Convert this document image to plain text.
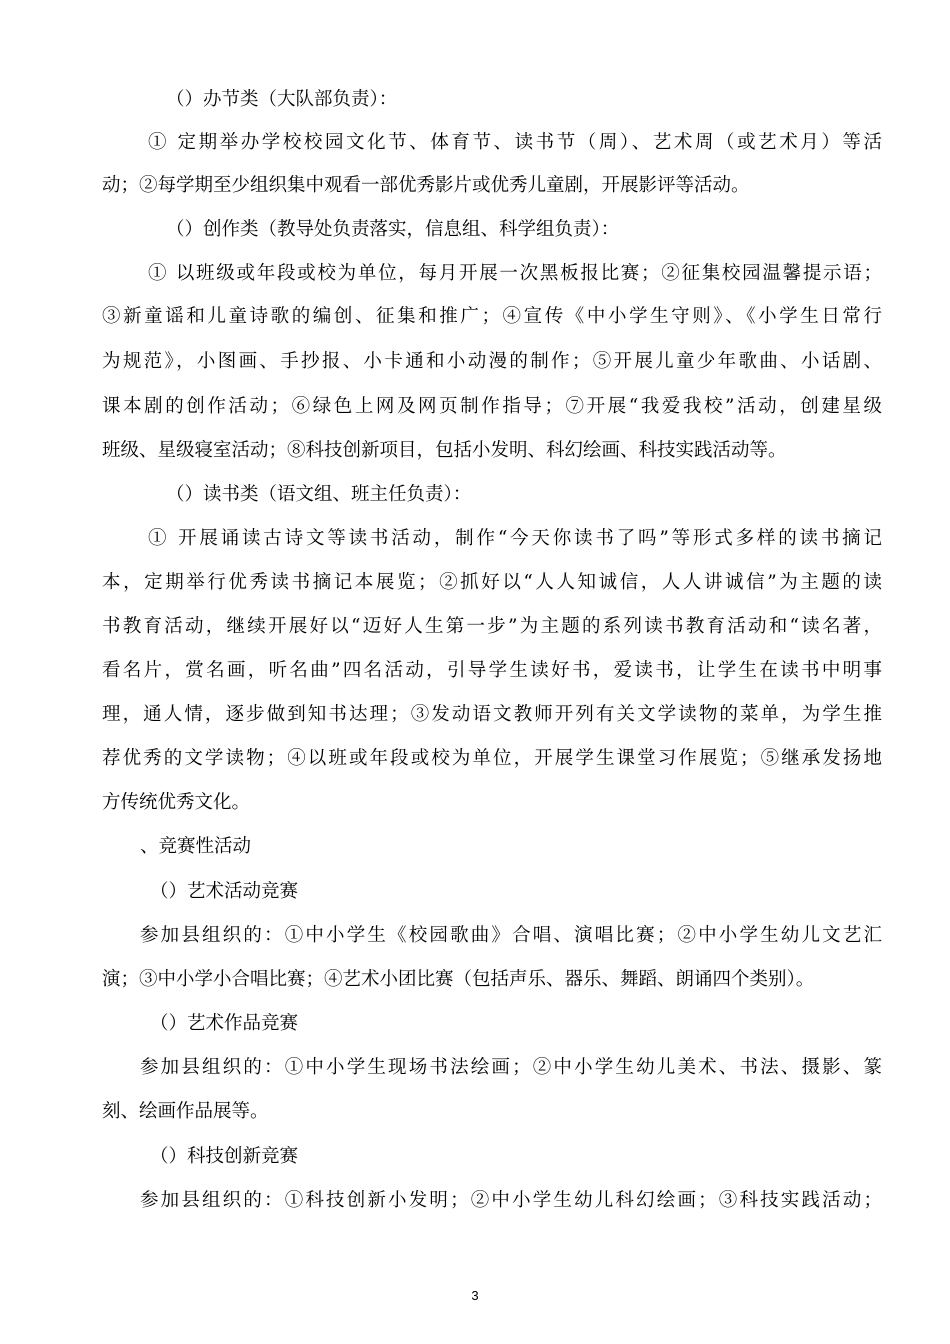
（）办节类（大队部负责）：
① 定期举办学校校园文化节、体育节、读书节（周）、艺术周（或艺术月）等活
动；②每学期至少组织集中观看一部优秀影片或优秀儿童剧，开展影评等活动。
（）创作类（教导处负责落实，信息组、科学组负责）：
① 以班级或年段或校为单位，每月开展一次黑板报比赛；②征集校园温馨提示语；
③新童谣和儿童诗歌的编创、征集和推广；④宣传《中小学生守则》、《小学生日常行
为规范》，小图画、手抄报、小卡通和小动漫的制作；⑤开展儿童少年歌曲、小话剧、
课本剧的创作活动；⑥绿色上网及网页制作指导；⑦开展“我爱我校”活动，创建星级
班级、星级寝室活动；⑧科技创新项目，包括小发明、科幻绘画、科技实践活动等。
（）读书类（语文组、班主任负责）：
① 开展诵读古诗文等读书活动，制作“今天你读书了吗”等形式多样的读书摘记
本，定期举行优秀读书摘记本展览；②抓好以“人人知诚信，人人讲诚信”为主题的读
书教育活动，继续开展好以“迈好人生第一步”为主题的系列读书教育活动和“读名著，
看名片，赏名画，听名曲”四名活动，引导学生读好书，爱读书，让学生在读书中明事
理，通人情，逐步做到知书达理；③发动语文教师开列有关文学读物的菜单，为学生推
荐优秀的文学读物；④以班或年段或校为单位，开展学生课堂习作展览；⑤继承发扬地
方传统优秀文化。
、竞赛性活动
（）艺术活动竞赛
参加县组织的：①中小学生《校园歌曲》合唱、演唱比赛；②中小学生幼儿文艺汇
演；③中小学小合唱比赛；④艺术小团比赛（包括声乐、器乐、舞蹈、朗诵四个类别）。
（）艺术作品竞赛
参加县组织的：①中小学生现场书法绘画；②中小学生幼儿美术、书法、摄影、篆
刻、绘画作品展等。
（）科技创新竞赛
参加县组织的：①科技创新小发明；②中小学生幼儿科幻绘画；③科技实践活动；
3
